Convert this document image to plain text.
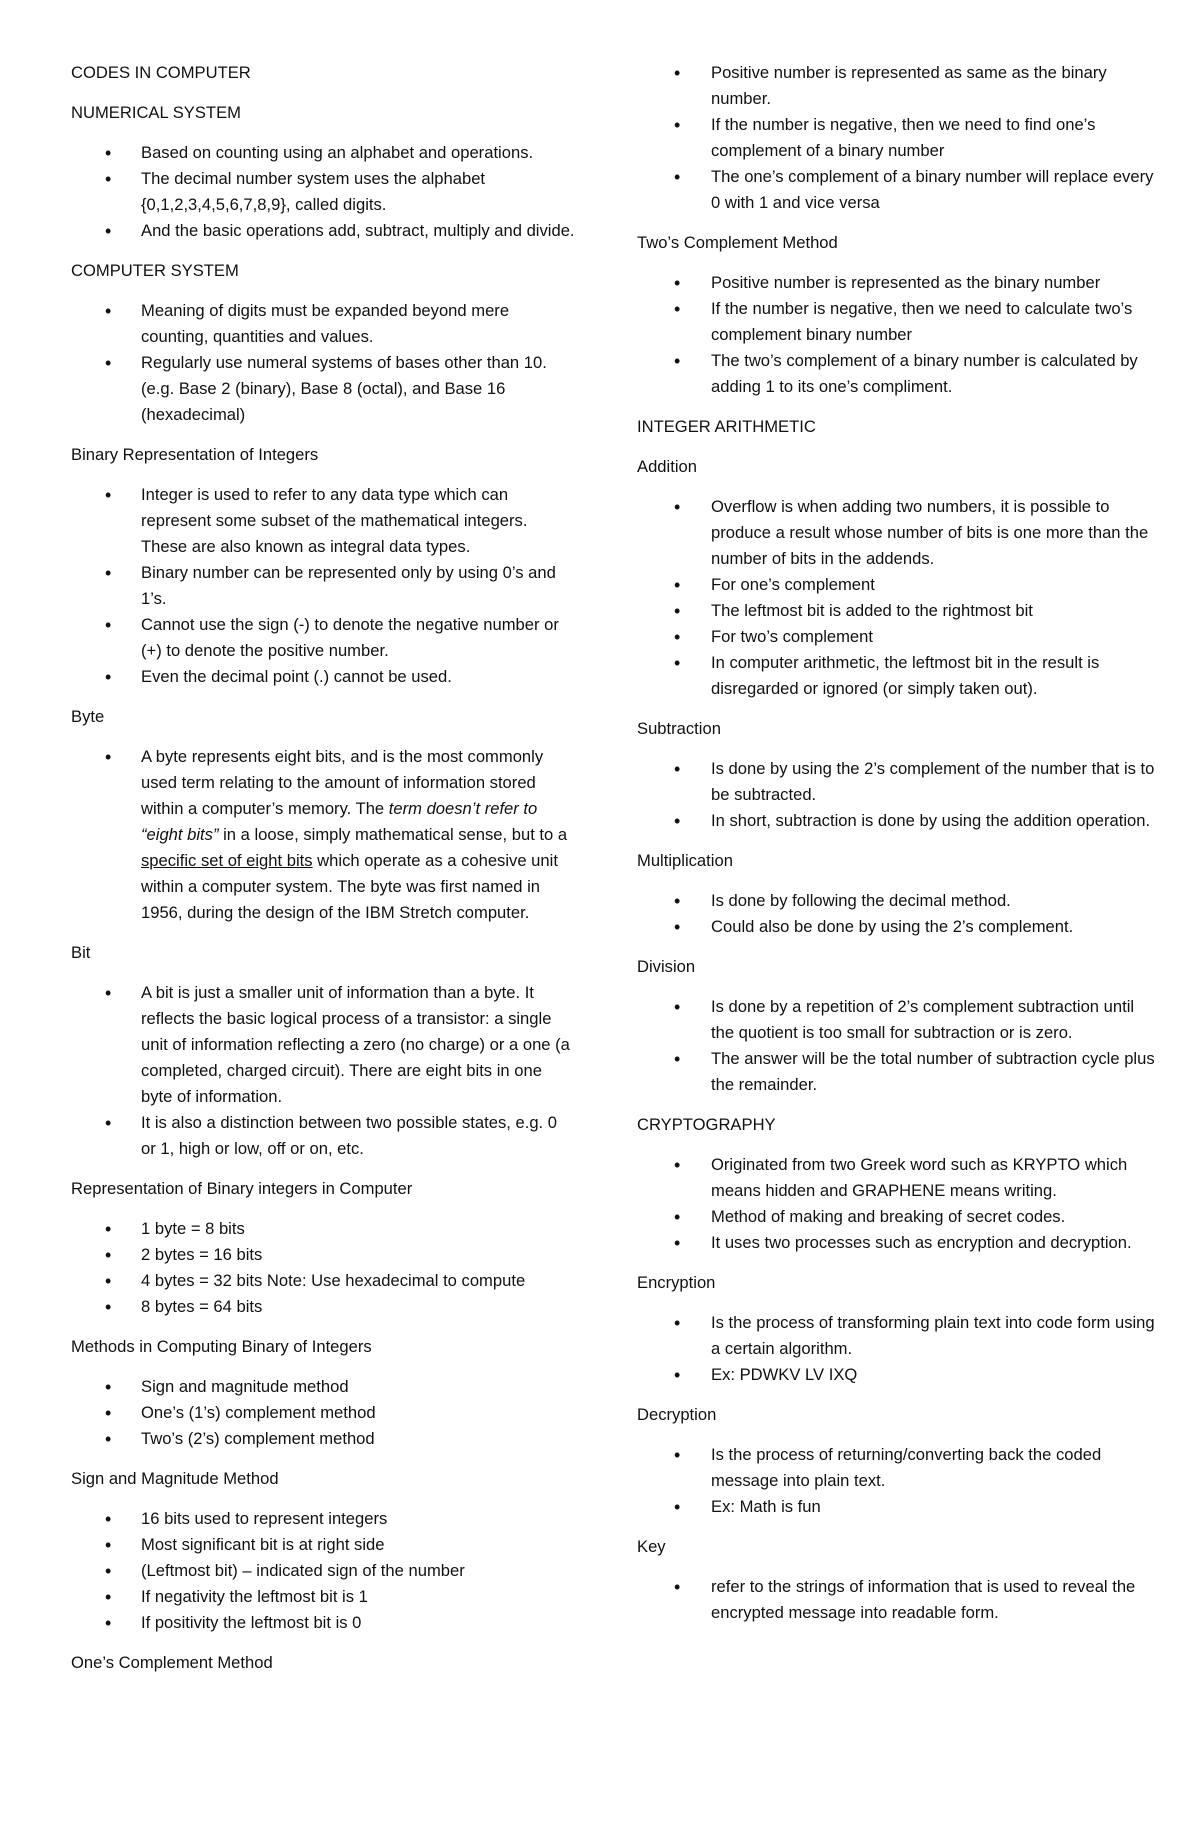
CODES IN COMPUTER
NUMERICAL SYSTEM
• Based on counting using an alphabet and operations.
• The decimal number system uses the alphabet {0,1,2,3,4,5,6,7,8,9}, called digits.
• And the basic operations add, subtract, multiply and divide.
COMPUTER SYSTEM
• Meaning of digits must be expanded beyond mere counting, quantities and values.
• Regularly use numeral systems of bases other than 10. (e.g. Base 2 (binary), Base 8 (octal), and Base 16 (hexadecimal)
Binary Representation of Integers
• Integer is used to refer to any data type which can represent some subset of the mathematical integers. These are also known as integral data types.
• Binary number can be represented only by using 0’s and 1’s.
• Cannot use the sign (-) to denote the negative number or (+) to denote the positive number.
• Even the decimal point (.) cannot be used.
Byte
• A byte represents eight bits, and is the most commonly used term relating to the amount of information stored within a computer’s memory. The term doesn’t refer to “eight bits” in a loose, simply mathematical sense, but to a specific set of eight bits which operate as a cohesive unit within a computer system. The byte was first named in 1956, during the design of the IBM Stretch computer.
Bit
• A bit is just a smaller unit of information than a byte. It reflects the basic logical process of a transistor: a single unit of information reflecting a zero (no charge) or a one (a completed, charged circuit). There are eight bits in one byte of information.
• It is also a distinction between two possible states, e.g. 0 or 1, high or low, off or on, etc.
Representation of Binary integers in Computer
• 1 byte = 8 bits
• 2 bytes = 16 bits
• 4 bytes = 32 bits Note: Use hexadecimal to compute
• 8 bytes = 64 bits
Methods in Computing Binary of Integers
• Sign and magnitude method
• One’s (1’s) complement method
• Two’s (2’s) complement method
Sign and Magnitude Method
• 16 bits used to represent integers
• Most significant bit is at right side
• (Leftmost bit) – indicated sign of the number
• If negativity the leftmost bit is 1
• If positivity the leftmost bit is 0
One’s Complement Method
• Positive number is represented as same as the binary number.
• If the number is negative, then we need to find one’s complement of a binary number
• The one’s complement of a binary number will replace every 0 with 1 and vice versa
Two’s Complement Method
• Positive number is represented as the binary number
• If the number is negative, then we need to calculate two’s complement binary number
• The two’s complement of a binary number is calculated by adding 1 to its one’s compliment.
INTEGER ARITHMETIC
Addition
• Overflow is when adding two numbers, it is possible to produce a result whose number of bits is one more than the number of bits in the addends.
• For one’s complement
• The leftmost bit is added to the rightmost bit
• For two’s complement
• In computer arithmetic, the leftmost bit in the result is disregarded or ignored (or simply taken out).
Subtraction
• Is done by using the 2’s complement of the number that is to be subtracted.
• In short, subtraction is done by using the addition operation.
Multiplication
• Is done by following the decimal method.
• Could also be done by using the 2’s complement.
Division
• Is done by a repetition of 2’s complement subtraction until the quotient is too small for subtraction or is zero.
• The answer will be the total number of subtraction cycle plus the remainder.
CRYPTOGRAPHY
• Originated from two Greek word such as KRYPTO which means hidden and GRAPHENE means writing.
• Method of making and breaking of secret codes.
• It uses two processes such as encryption and decryption.
Encryption
• Is the process of transforming plain text into code form using a certain algorithm.
• Ex: PDWKV LV IXQ
Decryption
• Is the process of returning/converting back the coded message into plain text.
• Ex: Math is fun
Key
• refer to the strings of information that is used to reveal the encrypted message into readable form.
